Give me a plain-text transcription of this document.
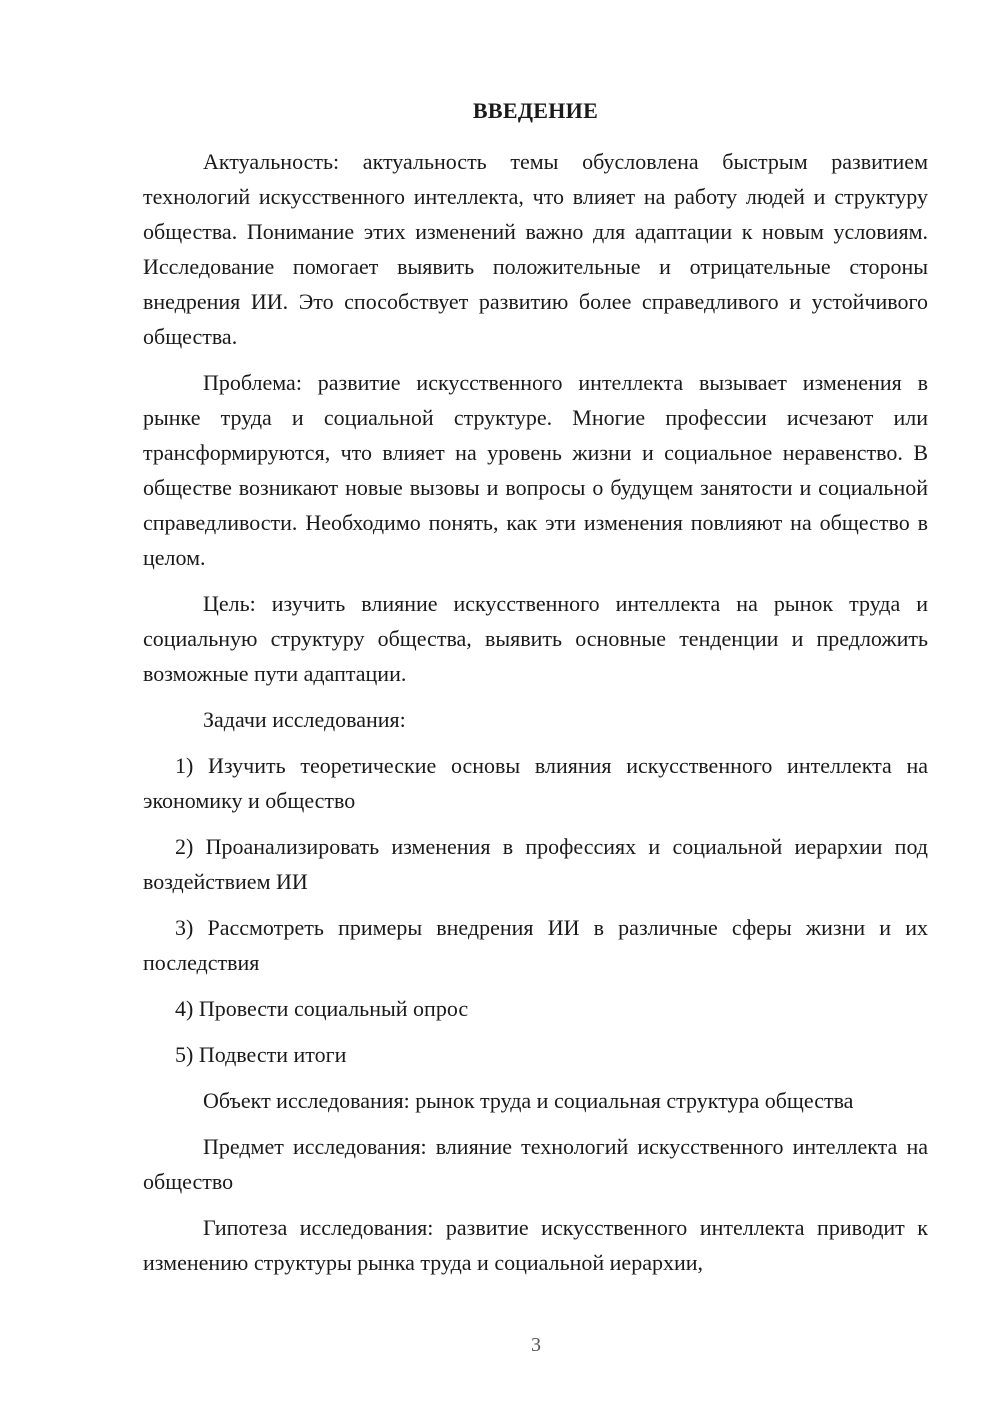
ВВЕДЕНИЕ

Актуальность: актуальность темы обусловлена быстрым развитием технологий искусственного интеллекта, что влияет на работу людей и структуру общества. Понимание этих изменений важно для адаптации к новым условиям. Исследование помогает выявить положительные и отрицательные стороны внедрения ИИ. Это способствует развитию более справедливого и устойчивого общества.

Проблема: развитие искусственного интеллекта вызывает изменения в рынке труда и социальной структуре. Многие профессии исчезают или трансформируются, что влияет на уровень жизни и социальное неравенство. В обществе возникают новые вызовы и вопросы о будущем занятости и социальной справедливости. Необходимо понять, как эти изменения повлияют на общество в целом.

Цель: изучить влияние искусственного интеллекта на рынок труда и социальную структуру общества, выявить основные тенденции и предложить возможные пути адаптации.

Задачи исследования:

1) Изучить теоретические основы влияния искусственного интеллекта на экономику и общество

2) Проанализировать изменения в профессиях и социальной иерархии под воздействием ИИ

3) Рассмотреть примеры внедрения ИИ в различные сферы жизни и их последствия

4) Провести социальный опрос

5) Подвести итоги

Объект исследования: рынок труда и социальная структура общества

Предмет исследования: влияние технологий искусственного интеллекта на общество

Гипотеза исследования: развитие искусственного интеллекта приводит к изменению структуры рынка труда и социальной иерархии,

3
